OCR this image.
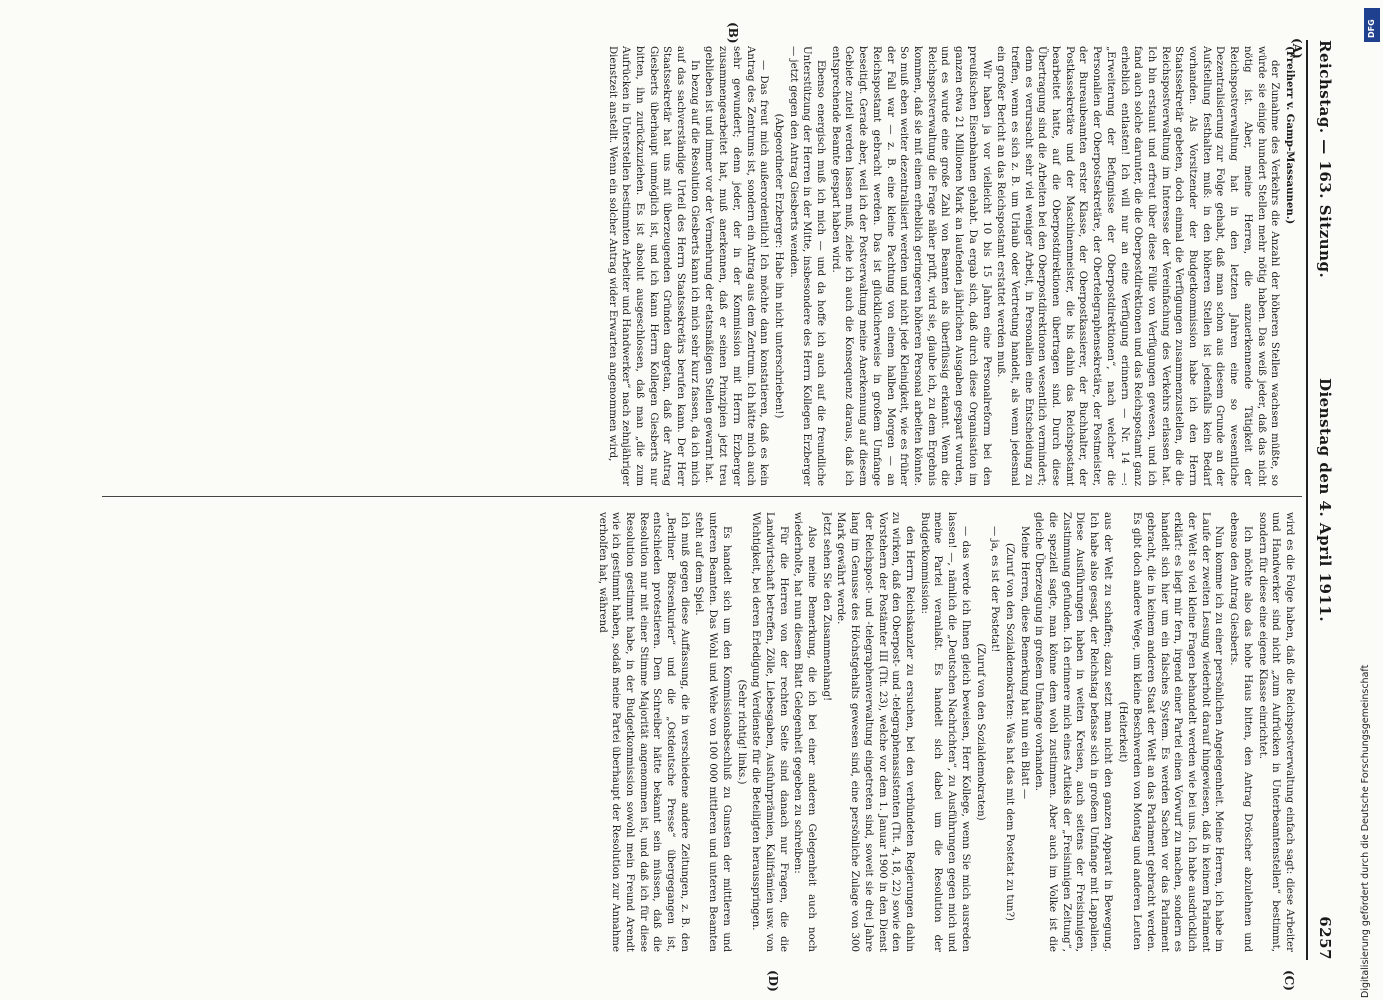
Reichstag. — 163. Sitzung.
Dienstag den 4. April 1911.
6257
(A)
(B)
(C)
(D)

(Freiherr v. Gamp-Massaunen.)

der Zunahme des Verkehrs die Anzahl der höheren Stellen wachsen müßte, so würde sie einige hundert Stellen mehr nötig haben. Das weiß jeder, daß das nicht nötig ist. Aber, meine Herren, die anzuerkennende Tätigkeit der Reichspostverwaltung hat in den letzten Jahren eine so wesentliche Dezentralisierung zur Folge gehabt, daß man schon aus diesem Grunde an der Aufstellung festhalten muß: in den höheren Stellen ist jedenfalls kein Bedarf vorhanden. Als Vorsitzender der Budgetkommission habe ich den Herrn Staatssekretär gebeten, doch einmal die Verfügungen zusammenzustellen, die die Reichspostverwaltung im Interesse der Vereinfachung des Verkehrs erlassen hat. Ich bin erstaunt und erfreut über diese Fülle von Verfügungen gewesen, und ich fand auch solche darunter, die die Oberpostdirektionen und das Reichspostamt ganz erheblich entlasten! Ich will nur an eine Verfügung erinnern — Nr. 14 —: „Erweiterung der Befugnisse der Oberpostdirektionen“, nach welcher die Personalien der Oberpostsekretäre, der Obertelegraphensekretäre, der Postmeister, der Bureaubeamten erster Klasse, der Oberpostkassierer, der Buchhalter, der Postkassekretäre und der Maschinenmeister, die bis dahin das Reichspostamt bearbeitet hatte, auf die Oberpostdirektionen übertragen sind. Durch diese Übertragung sind die Arbeiten bei den Oberpostdirektionen wesentlich vermindert; denn es verursacht sehr viel weniger Arbeit, in Personalien eine Entscheidung zu treffen, wenn es sich z. B. um Urlaub oder Vertretung handelt, als wenn jedesmal ein großer Bericht an das Reichspostamt erstattet werden muß.

Wir haben ja vor vielleicht 10 bis 15 Jahren eine Personalreform bei den preußischen Eisenbahnen gehabt. Da ergab sich, daß durch diese Organisation im ganzen etwa 21 Millionen Mark an laufenden jährlichen Ausgaben gespart wurden, und es wurde eine große Zahl von Beamten als überflüssig erkannt. Wenn die Reichspostverwaltung die Frage näher prüft, wird sie, glaube ich, zu dem Ergebnis kommen, daß sie mit einem erheblich geringeren höheren Personal arbeiten könnte. So muß eben weiter dezentralisiert werden und nicht jede Kleinigkeit, wie es früher der Fall war — z. B. eine kleine Pachtung von einem halben Morgen — an Reichspostamt gebracht werden. Das ist glücklicherweise in großem Umfange beseitigt. Gerade aber, weil ich der Postverwaltung meine Anerkennung auf diesem Gebiete zuteil werden lassen muß, ziehe ich auch die Konsequenz daraus, daß ich entsprechende Beamte gespart haben wird.

Ebenso energisch muß ich mich — und da hoffe ich auch auf die freundliche Unterstützung der Herren in der Mitte, insbesondere des Herrn Kollegen Erzberger — jetzt gegen den Antrag Giesberts wenden.

(Abgeordneter Erzberger: Habe ihn nicht unterschrieben!)

— Das freut mich außerordentlich! Ich möchte dann konstatieren, daß es kein Antrag des Zentrums ist, sondern ein Antrag aus dem Zentrum. Ich hätte mich auch sehr gewundert; denn jeder, der in der Kommission mit Herrn Erzberger zusammengearbeitet hat, muß anerkennen, daß er seinen Prinzipien jetzt treu geblieben ist und immer vor der Vermehrung der etatsmäßigen Stellen gewarnt hat.

In bezug auf die Resolution Giesberts kann ich mich sehr kurz fassen, da ich mich auf das sachverständige Urteil des Herrn Staatssekretärs berufen kann. Der Herr Staatssekretär hat uns mit überzeugenden Gründen dargetan, daß der Antrag Giesberts überhaupt unmöglich ist, und ich kann Herrn Kollegen Giesberts nur bitten, ihn zurückzuziehen. Es ist absolut ausgeschlossen, daß man „die zum Aufrücken in Unterstellen bestimmten Arbeiter und Handwerker“ nach zehnjähriger Dienstzeit anstellt. Wenn ein solcher Antrag wider Erwarten angenommen wird,

wird es die Folge haben, daß die Reichspostverwaltung einfach sagt: diese Arbeiter und Handwerker sind nicht „zum Aufrücken in Unterbeamtenstellen“ bestimmt, sondern für diese eine eigene Klasse einrichtet.

Ich möchte also das hohe Haus bitten, den Antrag Dröscher abzulehnen und ebenso den Antrag Giesberts.

Nun komme ich zu einer persönlichen Angelegenheit. Meine Herren, ich habe im Laufe der zweiten Lesung wiederholt darauf hingewiesen, daß in keinem Parlament der Welt so viel kleine Fragen behandelt werden wie bei uns. Ich habe ausdrücklich erklärt: es liegt mir fern, irgend einer Partei einen Vorwurf zu machen, sondern es handelt sich hier um ein falsches System. Es werden Sachen vor das Parlament gebracht, die in keinem anderen Staat der Welt an das Parlament gebracht werden. Es gibt doch andere Wege, um kleine Beschwerden von Montag und anderen Leuten

(Heiterkeit)

aus der Welt zu schaffen; dazu setzt man nicht den ganzen Apparat in Bewegung. Ich habe also gesagt, der Reichstag befasse sich in großem Umfange mit Lappalien. Diese Ausführungen haben in weiten Kreisen, auch seitens der Freisinnigen, Zustimmung gefunden. Ich erinnere mich eines Artikels der „Freisinnigen Zeitung“, die speziell sagte, man könne dem wohl zustimmen. Aber auch im Volke ist die gleiche Überzeugung in großem Umfange vorhanden.

Meine Herren, diese Bemerkung hat nun ein Blatt —

(Zuruf von den Sozialdemokraten: Was hat das mit dem Postetat zu tun?)

— ja, es ist der Postetat!

(Zuruf von den Sozialdemokraten)

— das werde ich Ihnen gleich beweisen, Herr Kollege, wenn Sie mich ausreden lassen! —, nämlich die „Deutschen Nachrichten“, zu Ausführungen gegen mich und meine Partei veranlaßt. Es handelt sich dabei um die Resolution der Budgetkommission:

den Herrn Reichskanzler zu ersuchen, bei den verbündeten Regierungen dahin zu wirken, daß den Oberpost- und -telegraphenassistenten (Tit. 4, 18, 22) sowie den Vorstehern der Postämter III (Tit. 23), welche vor dem 1. Januar 1900 in den Dienst der Reichspost- und -telegraphenverwaltung eingetreten sind, soweit sie drei Jahre lang im Genusse des Höchstgehalts gewesen sind, eine persönliche Zulage von 300 Mark gewährt werde.

Jetzt sehen Sie den Zusammenhang!

Also meine Bemerkung, die ich bei einer anderen Gelegenheit auch noch wiederholte, hat nun diesem Blatt Gelegenheit gegeben zu schreiben:

Für die Herren von der rechten Seite sind danach nur Fragen, die die Landwirtschaft betreffen, Zölle, Liebesgaben, Ausfuhrprämien, Kalifrämien usw. von Wichtigkeit, bei deren Erledigung Verdienste für die Beteiligten herausspringen.

(Sehr richtig! links.)

Es handelt sich um den Kommissionsbeschluß zu Gunsten der mittleren und unteren Beamten. Das Wohl und Wehe von 100 000 mittleren und unteren Beamten steht auf dem Spiel.

Ich muß gegen diese Auffassung, die in verschiedene andere Zeitungen, z. B. den „Berliner Börsenkurier“ und die „Ostdeutsche Presse“ übergegangen ist, entschieden protestieren. Dem Schreiber hätte bekannt sein müssen, daß die Resolution nur mit einer Stimme Majorität angenommen ist, und daß ich für diese Resolution gestimmt habe, in der Budgetkommission sowohl mein Freund Arendt wie ich gestimmt haben, sodaß meine Partei überhaupt der Resolution zur Annahme verholfen hat, während

Digitalisierung gefördert durch die Deutsche Forschungsgemeinschaft
DFG
